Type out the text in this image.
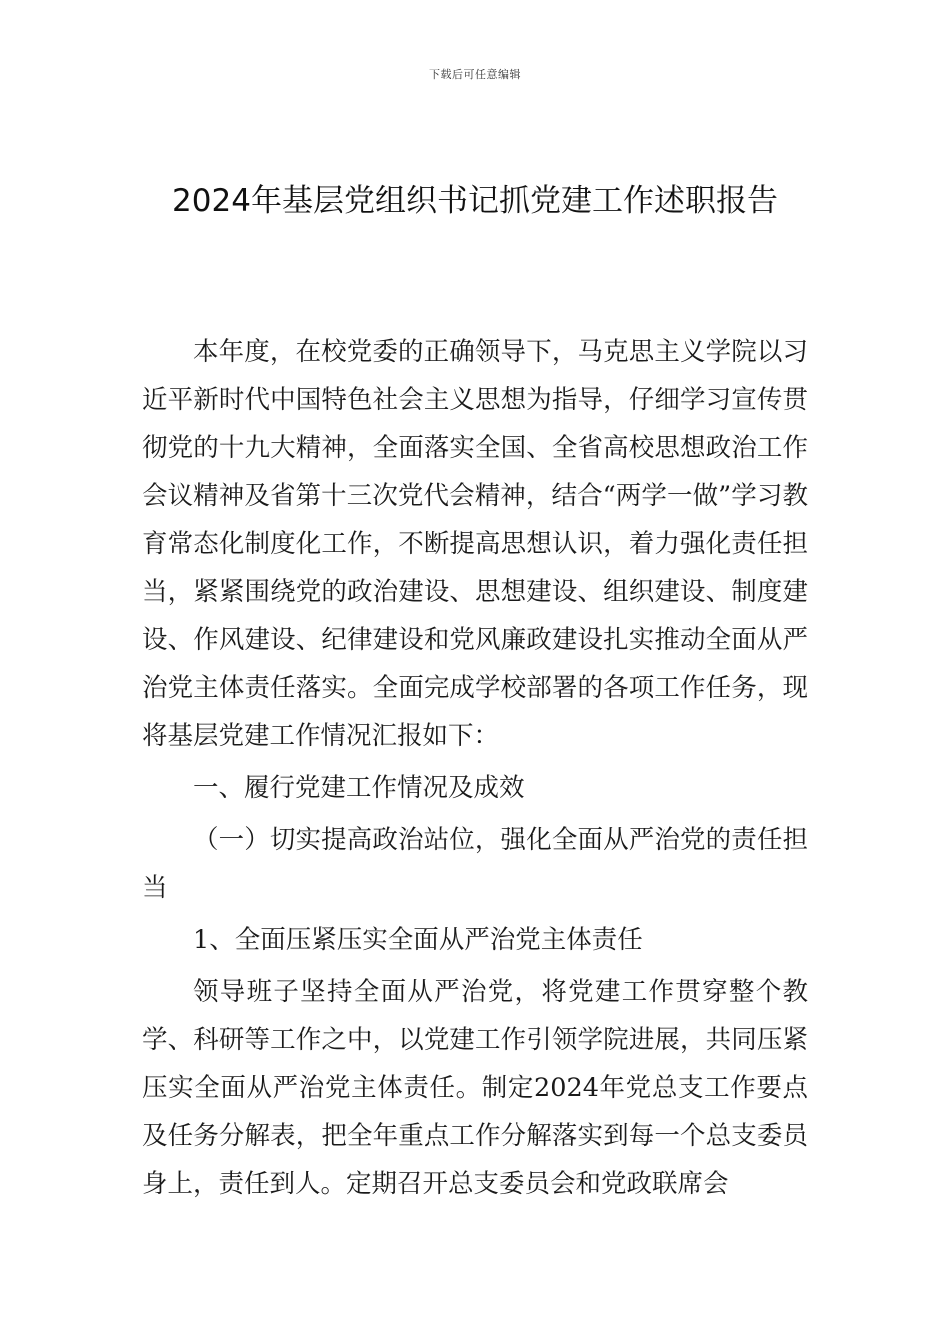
下载后可任意编辑
2024年基层党组织书记抓党建工作述职报告

本年度，在校党委的正确领导下，马克思主义学院以习近平新时代中国特色社会主义思想为指导，仔细学习宣传贯彻党的十九大精神，全面落实全国、全省高校思想政治工作会议精神及省第十三次党代会精神，结合“两学一做”学习教育常态化制度化工作，不断提高思想认识，着力强化责任担当，紧紧围绕党的政治建设、思想建设、组织建设、制度建设、作风建设、纪律建设和党风廉政建设扎实推动全面从严治党主体责任落实。全面完成学校部署的各项工作任务，现将基层党建工作情况汇报如下：

一、履行党建工作情况及成效

（一）切实提高政治站位，强化全面从严治党的责任担当

1、全面压紧压实全面从严治党主体责任

领导班子坚持全面从严治党，将党建工作贯穿整个教学、科研等工作之中，以党建工作引领学院进展，共同压紧压实全面从严治党主体责任。制定2024年党总支工作要点及任务分解表，把全年重点工作分解落实到每一个总支委员身上，责任到人。定期召开总支委员会和党政联席会
